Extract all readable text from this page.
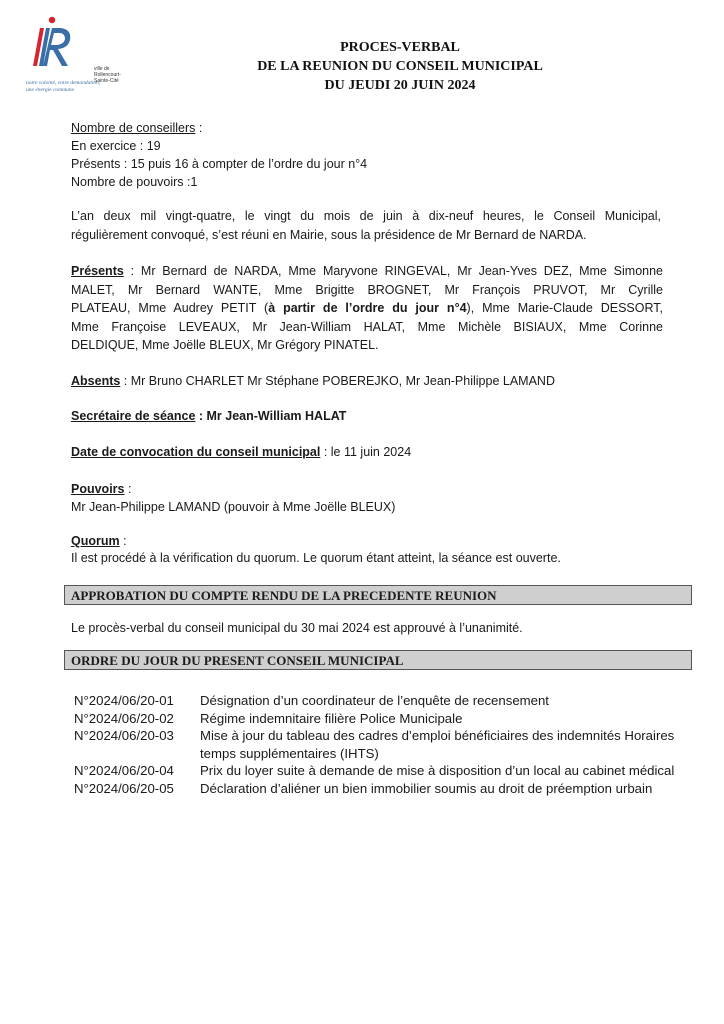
ville de
Rollencourt-Sainte-Cité
notre volonté, votre demandation,
une énergie commune
PROCES-VERBAL
DE LA REUNION DU CONSEIL MUNICIPAL
DU JEUDI 20 JUIN 2024
Nombre de conseillers :
En exercice : 19
Présents : 15 puis 16 à compter de l’ordre du jour n°4
Nombre de pouvoirs :1
L’an deux mil vingt-quatre, le vingt du mois de juin à dix-neuf heures, le Conseil Municipal,
régulièrement convoqué, s’est réuni en Mairie, sous la présidence de Mr Bernard de NARDA.
Présents : Mr Bernard de NARDA, Mme Maryvone RINGEVAL, Mr Jean-Yves DEZ, Mme Simonne
MALET, Mr Bernard WANTE, Mme Brigitte BROGNET, Mr François PRUVOT, Mr Cyrille
PLATEAU, Mme Audrey PETIT (à partir de l’ordre du jour n°4), Mme Marie-Claude DESSORT,
Mme Françoise LEVEAUX, Mr Jean-William HALAT, Mme Michèle BISIAUX, Mme Corinne
DELDIQUE, Mme Joëlle BLEUX, Mr Grégory PINATEL.
Absents : Mr Bruno CHARLET Mr Stéphane POBEREJKO, Mr Jean-Philippe LAMAND
Secrétaire de séance : Mr Jean-William HALAT
Date de convocation du conseil municipal : le 11 juin 2024
Pouvoirs :
Mr Jean-Philippe LAMAND (pouvoir à Mme Joëlle BLEUX)
Quorum :
Il est procédé à la vérification du quorum. Le quorum étant atteint, la séance est ouverte.
APPROBATION DU COMPTE RENDU DE LA PRECEDENTE REUNION
Le procès-verbal du conseil municipal du 30 mai 2024 est approuvé à l’unanimité.
ORDRE DU JOUR DU PRESENT CONSEIL MUNICIPAL
N°2024/06/20-01	Désignation d’un coordinateur de l’enquête de recensement
N°2024/06/20-02	Régime indemnitaire filière Police Municipale
N°2024/06/20-03	Mise à jour du tableau des cadres d’emploi bénéficiaires des indemnités Horaires temps supplémentaires (IHTS)
N°2024/06/20-04	Prix du loyer suite à demande de mise à disposition d’un local au cabinet médical
N°2024/06/20-05	Déclaration d’aliéner un bien immobilier soumis au droit de préemption urbain
